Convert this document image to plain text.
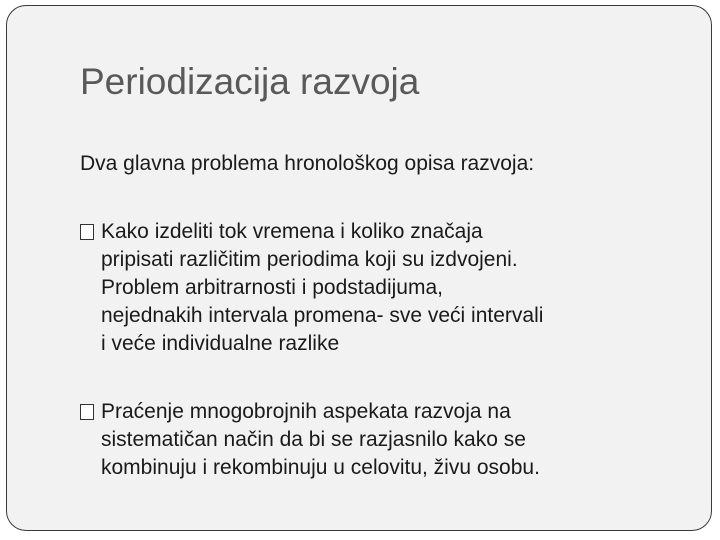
Periodizacija razvoja
Dva glavna problema hronološkog opisa razvoja:
Kako izdeliti tok vremena i koliko značaja
pripisati različitim periodima koji su izdvojeni.
Problem arbitrarnosti i podstadijuma,
nejednakih intervala promena- sve veći intervali
i veće individualne razlike
Praćenje mnogobrojnih aspekata razvoja na
sistematičan način da bi se razjasnilo kako se
kombinuju i rekombinuju u celovitu, živu osobu.
